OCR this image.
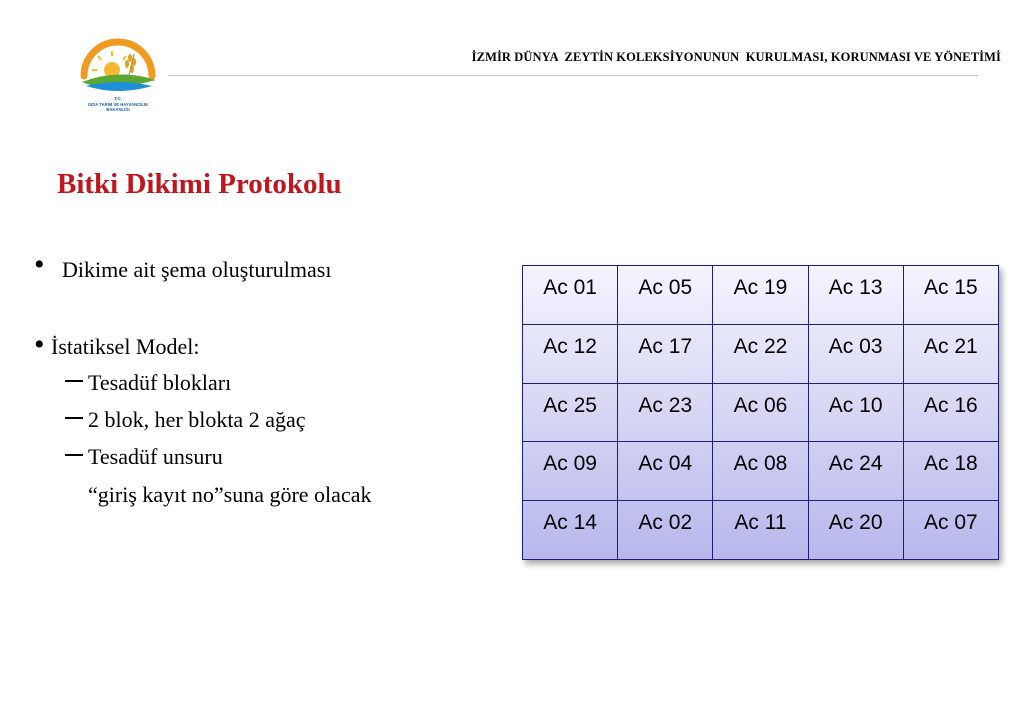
T.C.
GIDA TARIM VE HAYVANCILIK
BAKANLIĞI
İZMİR DÜNYA  ZEYTİN KOLEKSİYONUNUN  KURULMASI, KORUNMASI VE YÖNETİMİ
Bitki Dikimi Protokolu
• Dikime ait şema oluşturulması
• İstatiksel Model:
Tesadüf blokları
2 blok, her blokta 2 ağaç
Tesadüf unsuru
“giriş kayıt no”suna göre olacak
Ac 01	Ac 05	Ac 19	Ac 13	Ac 15
Ac 12	Ac 17	Ac 22	Ac 03	Ac 21
Ac 25	Ac 23	Ac 06	Ac 10	Ac 16
Ac 09	Ac 04	Ac 08	Ac 24	Ac 18
Ac 14	Ac 02	Ac 11	Ac 20	Ac 07
